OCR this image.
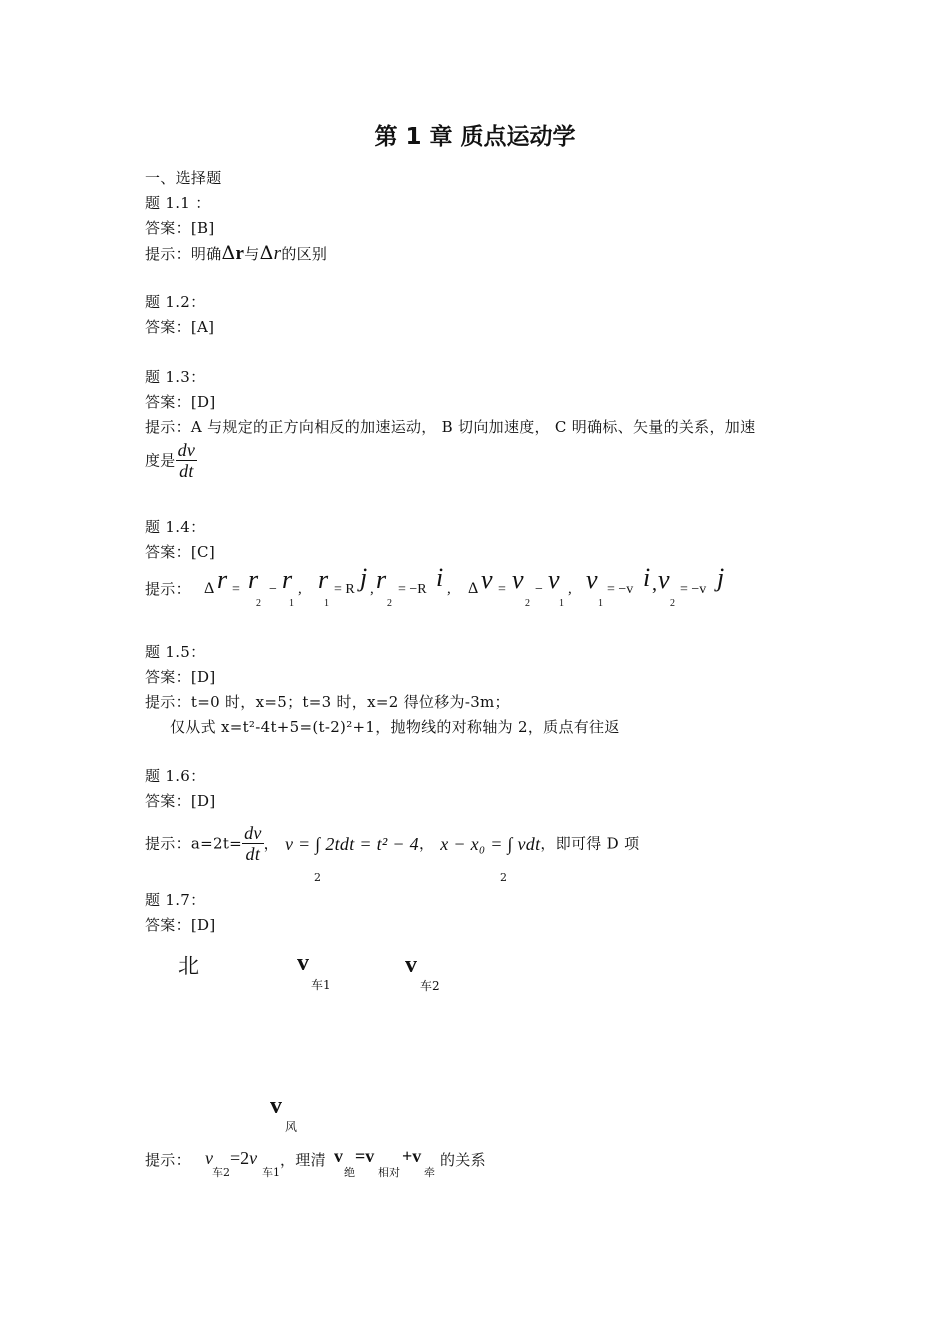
第 1 章 质点运动学
一、选择题
题 1.1 ：
答案：[B]
提示：明确Δr与Δr的区别
题 1.2：
答案：[A]
题 1.3：
答案：[D]
提示：A 与规定的正方向相反的加速运动， B 切向加速度， C 明确标、矢量的关系，加速
度是 $\frac{dv}{dt}$
题 1.4：
答案：[C]
提示： Δ r = r
2
− r
1
, r
1
= R j , r
2
= −R i , Δ v = v
2
− v
1
, v
1
= −v i , v
2
= −v j
题 1.5：
答案：[D]
提示：t=0 时，x=5；t=3 时，x=2 得位移为-3m；
仅从式 x=t²-4t+5=(t-2)²+1，抛物线的对称轴为 2，质点有往返
题 1.6：
答案：[D]
提示：$a=2t= \frac{dv}{dt}$ ， v = ∫ 2tdt = t² − 4， x − x₀ = ∫ vdt，即可得 D 项
2	2
题 1.7：
答案：[D]
北	v
车1
v
车2
v
风
提示： v
车2
=2v
车1
，理清 v
绝
=v
相对
+v
牵
的关系
